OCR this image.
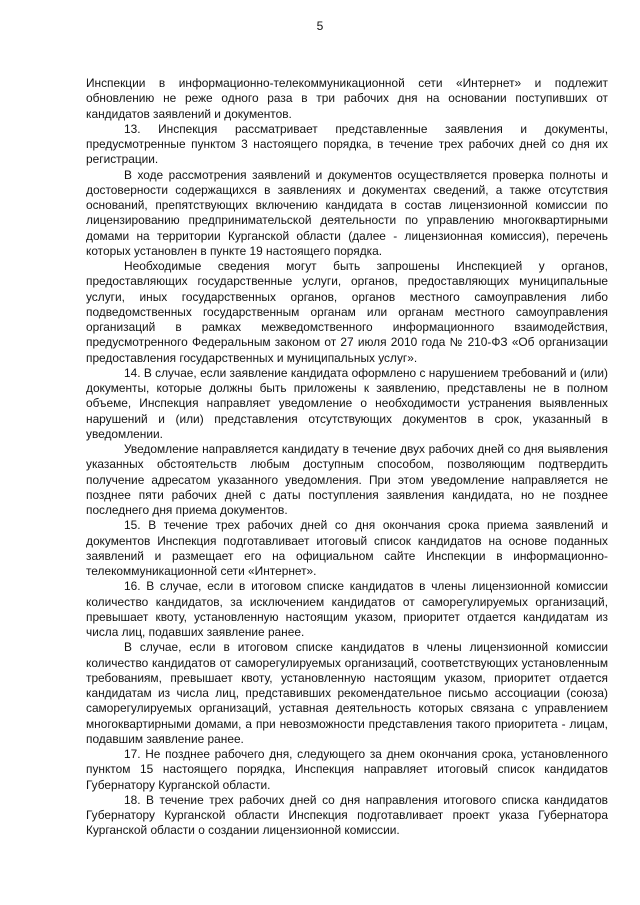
5

Инспекции в информационно-телекоммуникационной сети «Интернет» и подлежит обновлению не реже одного раза в три рабочих дня на основании поступивших от кандидатов заявлений и документов.

13. Инспекция рассматривает представленные заявления и документы, предусмотренные пунктом 3 настоящего порядка, в течение трех рабочих дней со дня их регистрации.

В ходе рассмотрения заявлений и документов осуществляется проверка полноты и достоверности содержащихся в заявлениях и документах сведений, а также отсутствия оснований, препятствующих включению кандидата в состав лицензионной комиссии по лицензированию предпринимательской деятельности по управлению многоквартирными домами на территории Курганской области (далее - лицензионная комиссия), перечень которых установлен в пункте 19 настоящего порядка.

Необходимые сведения могут быть запрошены Инспекцией у органов, предоставляющих государственные услуги, органов, предоставляющих муниципальные услуги, иных государственных органов, органов местного самоуправления либо подведомственных государственным органам или органам местного самоуправления организаций в рамках межведомственного информационного взаимодействия, предусмотренного Федеральным законом от 27 июля 2010 года № 210-ФЗ «Об организации предоставления государственных и муниципальных услуг».

14. В случае, если заявление кандидата оформлено с нарушением требований и (или) документы, которые должны быть приложены к заявлению, представлены не в полном объеме, Инспекция направляет уведомление о необходимости устранения выявленных нарушений и (или) представления отсутствующих документов в срок, указанный в уведомлении.

Уведомление направляется кандидату в течение двух рабочих дней со дня выявления указанных обстоятельств любым доступным способом, позволяющим подтвердить получение адресатом указанного уведомления. При этом уведомление направляется не позднее пяти рабочих дней с даты поступления заявления кандидата, но не позднее последнего дня приема документов.

15. В течение трех рабочих дней со дня окончания срока приема заявлений и документов Инспекция подготавливает итоговый список кандидатов на основе поданных заявлений и размещает его на официальном сайте Инспекции в информационно-телекоммуникационной сети «Интернет».

16. В случае, если в итоговом списке кандидатов в члены лицензионной комиссии количество кандидатов, за исключением кандидатов от саморегулируемых организаций, превышает квоту, установленную настоящим указом, приоритет отдается кандидатам из числа лиц, подавших заявление ранее.

В случае, если в итоговом списке кандидатов в члены лицензионной комиссии количество кандидатов от саморегулируемых организаций, соответствующих установленным требованиям, превышает квоту, установленную настоящим указом, приоритет отдается кандидатам из числа лиц, представивших рекомендательное письмо ассоциации (союза) саморегулируемых организаций, уставная деятельность которых связана с управлением многоквартирными домами, а при невозможности представления такого приоритета - лицам, подавшим заявление ранее.

17. Не позднее рабочего дня, следующего за днем окончания срока, установленного пунктом 15 настоящего порядка, Инспекция направляет итоговый список кандидатов Губернатору Курганской области.

18. В течение трех рабочих дней со дня направления итогового списка кандидатов Губернатору Курганской области Инспекция подготавливает проект указа Губернатора Курганской области о создании лицензионной комиссии.
